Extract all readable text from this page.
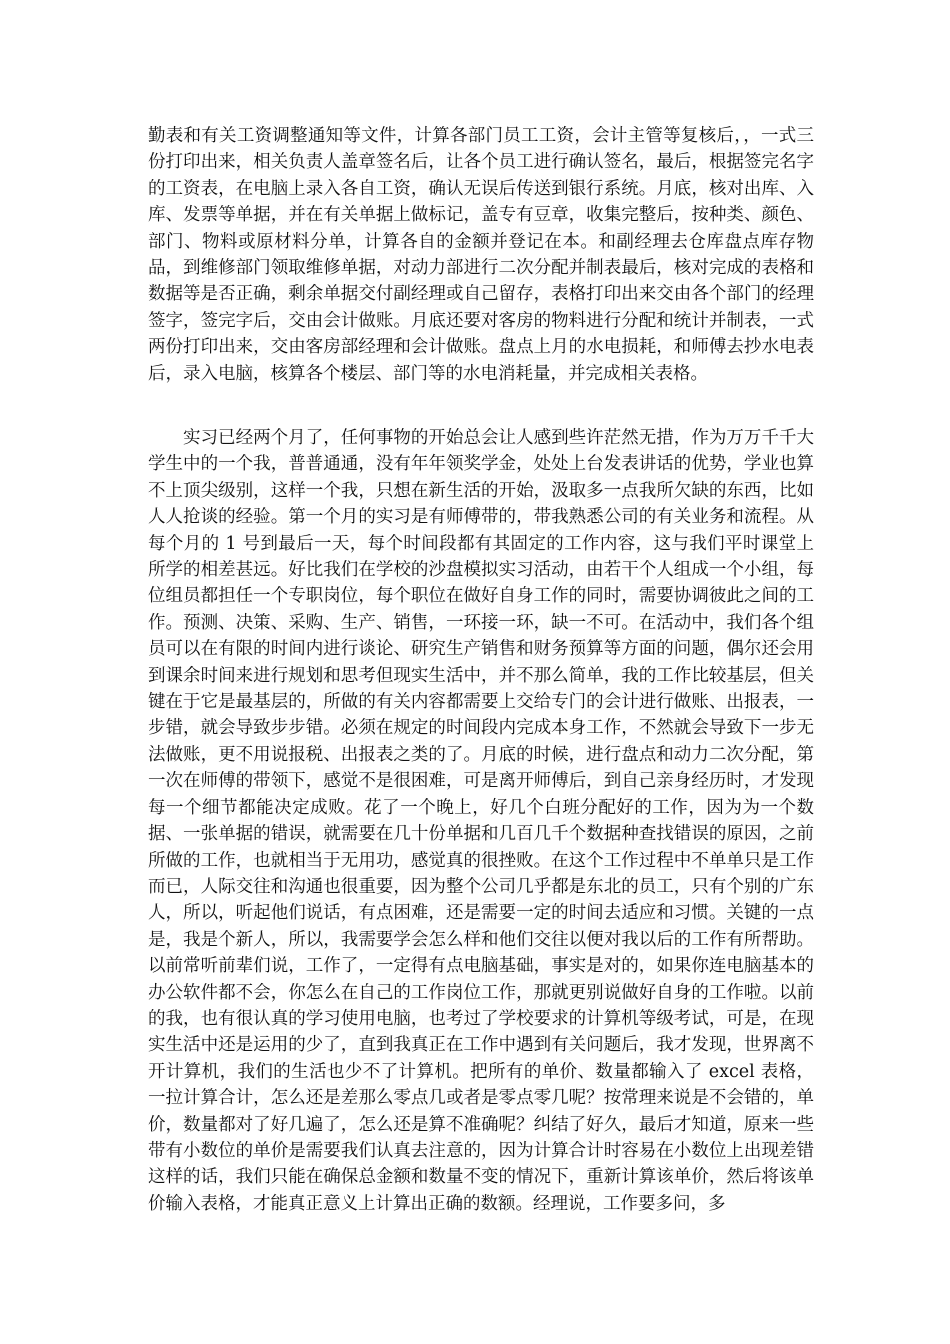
勤表和有关工资调整通知等文件，计算各部门员工工资，会计主管等复核后，，一式三份打印出来，相关负责人盖章签名后，让各个员工进行确认签名，最后，根据签完名字的工资表，在电脑上录入各自工资，确认无误后传送到银行系统。月底，核对出库、入库、发票等单据，并在有关单据上做标记，盖专有豆章，收集完整后，按种类、颜色、部门、物料或原材料分单，计算各自的金额并登记在本。和副经理去仓库盘点库存物品，到维修部门领取维修单据，对动力部进行二次分配并制表最后，核对完成的表格和数据等是否正确，剩余单据交付副经理或自己留存，表格打印出来交由各个部门的经理签字，签完字后，交由会计做账。月底还要对客房的物料进行分配和统计并制表，一式两份打印出来，交由客房部经理和会计做账。盘点上月的水电损耗，和师傅去抄水电表后，录入电脑，核算各个楼层、部门等的水电消耗量，并完成相关表格。

实习已经两个月了，任何事物的开始总会让人感到些许茫然无措，作为万万千千大学生中的一个我，普普通通，没有年年领奖学金，处处上台发表讲话的优势，学业也算不上顶尖级别，这样一个我，只想在新生活的开始，汲取多一点我所欠缺的东西，比如人人抢谈的经验。第一个月的实习是有师傅带的，带我熟悉公司的有关业务和流程。从每个月的 1 号到最后一天，每个时间段都有其固定的工作内容，这与我们平时课堂上所学的相差甚远。好比我们在学校的沙盘模拟实习活动，由若干个人组成一个小组，每位组员都担任一个专职岗位，每个职位在做好自身工作的同时，需要协调彼此之间的工作。预测、决策、采购、生产、销售，一环接一环，缺一不可。在活动中，我们各个组员可以在有限的时间内进行谈论、研究生产销售和财务预算等方面的问题，偶尔还会用到课余时间来进行规划和思考但现实生活中，并不那么简单，我的工作比较基层，但关键在于它是最基层的，所做的有关内容都需要上交给专门的会计进行做账、出报表，一步错，就会导致步步错。必须在规定的时间段内完成本身工作，不然就会导致下一步无法做账，更不用说报税、出报表之类的了。月底的时候，进行盘点和动力二次分配，第一次在师傅的带领下，感觉不是很困难，可是离开师傅后，到自己亲身经历时，才发现每一个细节都能决定成败。花了一个晚上，好几个白班分配好的工作，因为为一个数据、一张单据的错误，就需要在几十份单据和几百几千个数据种查找错误的原因，之前所做的工作，也就相当于无用功，感觉真的很挫败。在这个工作过程中不单单只是工作而已，人际交往和沟通也很重要，因为整个公司几乎都是东北的员工，只有个别的广东人，所以，听起他们说话，有点困难，还是需要一定的时间去适应和习惯。关键的一点是，我是个新人，所以，我需要学会怎么样和他们交往以便对我以后的工作有所帮助。以前常听前辈们说，工作了，一定得有点电脑基础，事实是对的，如果你连电脑基本的办公软件都不会，你怎么在自己的工作岗位工作，那就更别说做好自身的工作啦。以前的我，也有很认真的学习使用电脑，也考过了学校要求的计算机等级考试，可是，在现实生活中还是运用的少了，直到我真正在工作中遇到有关问题后，我才发现，世界离不开计算机，我们的生活也少不了计算机。把所有的单价、数量都输入了 excel 表格，一拉计算合计，怎么还是差那么零点几或者是零点零几呢？按常理来说是不会错的，单价，数量都对了好几遍了，怎么还是算不准确呢？纠结了好久，最后才知道，原来一些带有小数位的单价是需要我们认真去注意的，因为计算合计时容易在小数位上出现差错这样的话，我们只能在确保总金额和数量不变的情况下，重新计算该单价，然后将该单价输入表格，才能真正意义上计算出正确的数额。经理说，工作要多问，多
